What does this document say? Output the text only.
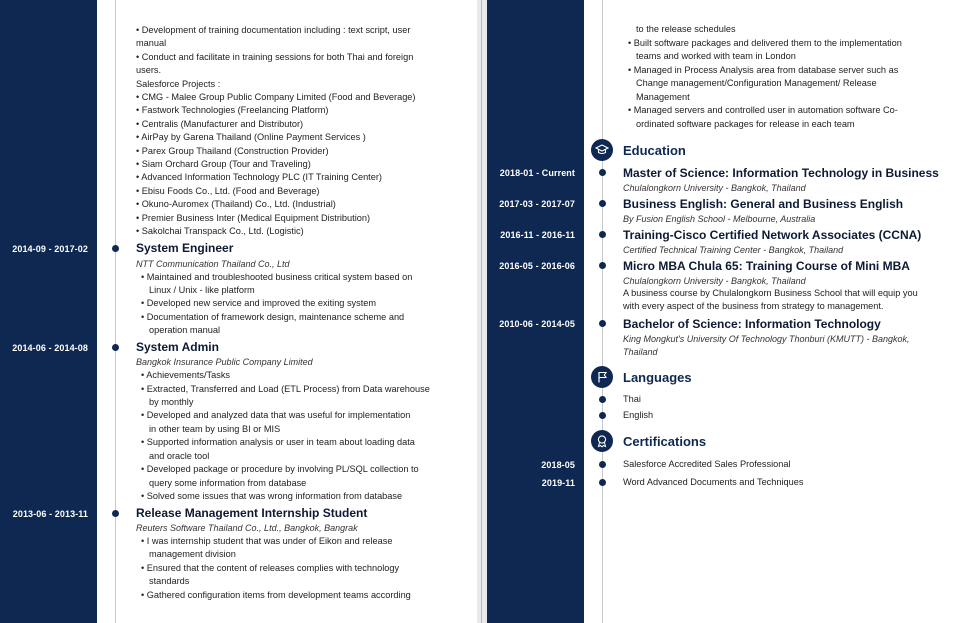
• Development of training documentation including : text script, user
manual
• Conduct and facilitate in training sessions for both Thai and foreign
users.
Salesforce Projects :
• CMG - Malee Group Public Company Limited (Food and Beverage)
• Fastwork Technologies (Freelancing Platform)
• Centralis (Manufacturer and Distributor)
• AirPay by Garena Thailand (Online Payment Services )
• Parex Group Thailand (Construction Provider)
• Siam Orchard Group (Tour and Traveling)
• Advanced Information Technology PLC (IT Training Center)
• Ebisu Foods Co., Ltd. (Food and Beverage)
• Okuno-Auromex (Thailand) Co., Ltd. (Industrial)
• Premier Business Inter (Medical Equipment Distribution)
• Sakolchai Transpack Co., Ltd. (Logistic)
2014-09 - 2017-02	System Engineer
NTT Communication Thailand Co., Ltd
• Maintained and troubleshooted business critical system based on
Linux / Unix - like platform
• Developed new service and improved the exiting system
• Documentation of framework design, maintenance scheme and
operation manual
2014-06 - 2014-08	System Admin
Bangkok Insurance Public Company Limited
• Achievements/Tasks
• Extracted, Transferred and Load (ETL Process) from Data warehouse
by monthly
• Developed and analyzed data that was useful for implementation
in other team by using BI or MIS
• Supported information analysis or user in team about loading data
and oracle tool
• Developed package or procedure by involving PL/SQL collection to
query some information from database
• Solved some issues that was wrong information from database
2013-06 - 2013-11	Release Management Internship Student
Reuters Software Thailand Co., Ltd., Bangkok, Bangrak
• I was internship student that was under of Eikon and release
management division
• Ensured that the content of releases complies with technology
standards
• Gathered configuration items from development teams according
to the release schedules
• Built software packages and delivered them to the implementation
teams and worked with team in London
• Managed in Process Analysis area from database server such as
Change management/Configuration Management/ Release
Management
• Managed servers and controlled user in automation software Co-
ordinated software packages for release in each team
Education
2018-01 - Current	Master of Science: Information Technology in Business
Chulalongkorn University - Bangkok, Thailand
2017-03 - 2017-07	Business English: General and Business English
By Fusion English School - Melbourne, Australia
2016-11 - 2016-11	Training-Cisco Certified Network Associates (CCNA)
Certified Technical Training Center - Bangkok, Thailand
2016-05 - 2016-06	Micro MBA Chula 65: Training Course of Mini MBA
Chulalongkorn University - Bangkok, Thailand
A business course by Chulalongkorn Business School that will equip you
with every aspect of the business from strategy to management.
2010-06 - 2014-05	Bachelor of Science: Information Technology
King Mongkut's University Of Technology Thonburi (KMUTT) - Bangkok,
Thailand
Languages
Thai
English
Certifications
2018-05	Salesforce Accredited Sales Professional
2019-11	Word Advanced Documents and Techniques
